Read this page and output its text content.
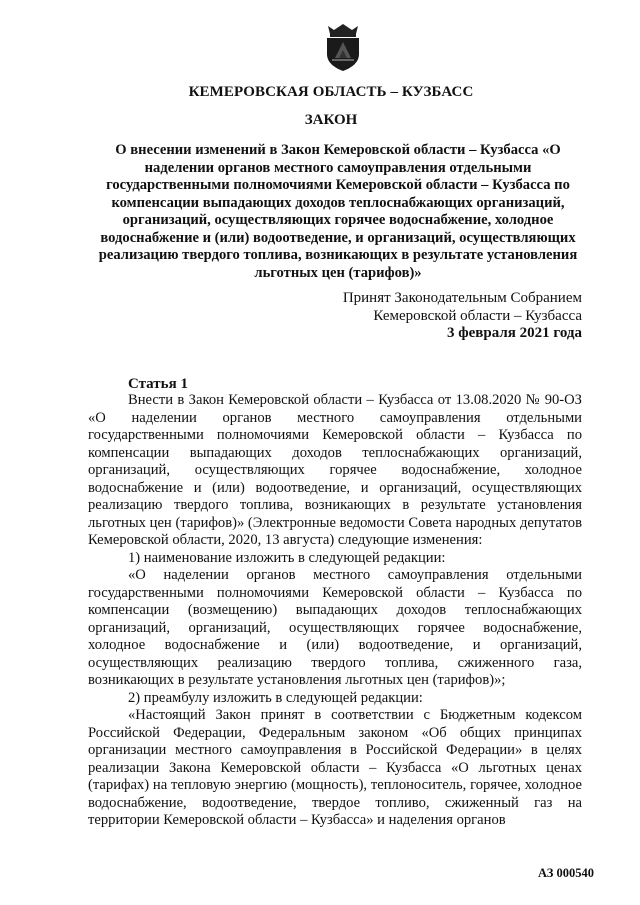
КЕМЕРОВСКАЯ ОБЛАСТЬ – КУЗБАСС

ЗАКОН

О внесении изменений в Закон Кемеровской области – Кузбасса «О наделении органов местного самоуправления отдельными государственными полномочиями Кемеровской области – Кузбасса по компенсации выпадающих доходов теплоснабжающих организаций, организаций, осуществляющих горячее водоснабжение, холодное водоснабжение и (или) водоотведение, и организаций, осуществляющих реализацию твердого топлива, возникающих в результате установления льготных цен (тарифов)»

Принят Законодательным Собранием
Кемеровской области – Кузбасса
3 февраля 2021 года

Статья 1

Внести в Закон Кемеровской области – Кузбасса от 13.08.2020 № 90-ОЗ «О наделении органов местного самоуправления отдельными государственными полномочиями Кемеровской области – Кузбасса по компенсации выпадающих доходов теплоснабжающих организаций, организаций, осуществляющих горячее водоснабжение, холодное водоснабжение и (или) водоотведение, и организаций, осуществляющих реализацию твердого топлива, возникающих в результате установления льготных цен (тарифов)» (Электронные ведомости Совета народных депутатов Кемеровской области, 2020, 13 августа) следующие изменения:

1) наименование изложить в следующей редакции:

«О наделении органов местного самоуправления отдельными государственными полномочиями Кемеровской области – Кузбасса по компенсации (возмещению) выпадающих доходов теплоснабжающих организаций, организаций, осуществляющих горячее водоснабжение, холодное водоснабжение и (или) водоотведение, и организаций, осуществляющих реализацию твердого топлива, сжиженного газа, возникающих в результате установления льготных цен (тарифов)»;

2) преамбулу изложить в следующей редакции:

«Настоящий Закон принят в соответствии с Бюджетным кодексом Российской Федерации, Федеральным законом «Об общих принципах организации местного самоуправления в Российской Федерации» в целях реализации Закона Кемеровской области – Кузбасса «О льготных ценах (тарифах) на тепловую энергию (мощность), теплоноситель, горячее, холодное водоснабжение, водоотведение, твердое топливо, сжиженный газ на территории Кемеровской области – Кузбасса» и наделения органов

АЗ 000540
